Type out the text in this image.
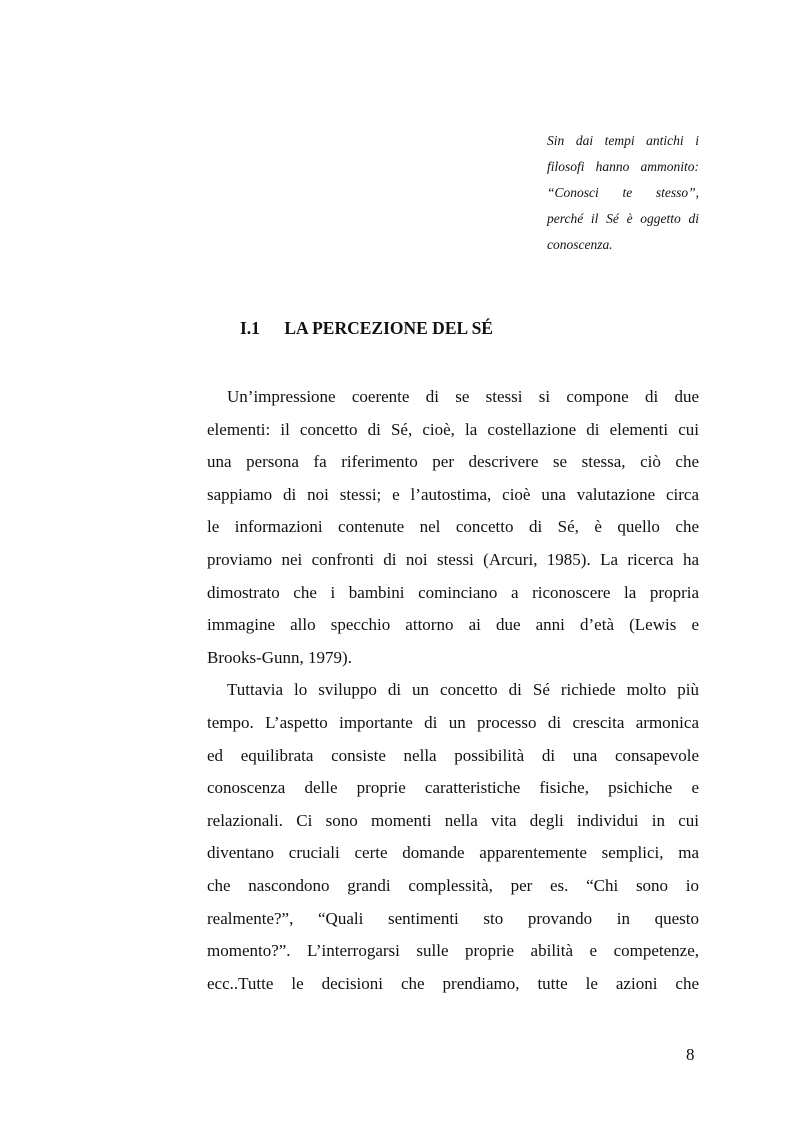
Sin dai tempi antichi i
filosofi hanno ammonito:
“Conosci te stesso”,
perché il Sé è oggetto di
conoscenza.
I.1 LA PERCEZIONE DEL SÉ
Un’impressione coerente di se stessi si compone di due
elementi: il concetto di Sé, cioè, la costellazione di elementi cui
una persona fa riferimento per descrivere se stessa, ciò che
sappiamo di noi stessi; e l’autostima, cioè una valutazione circa
le informazioni contenute nel concetto di Sé, è quello che
proviamo nei confronti di noi stessi (Arcuri, 1985). La ricerca ha
dimostrato che i bambini cominciano a riconoscere la propria
immagine allo specchio attorno ai due anni d’età (Lewis e
Brooks-Gunn, 1979).
Tuttavia lo sviluppo di un concetto di Sé richiede molto più
tempo. L’aspetto importante di un processo di crescita armonica
ed equilibrata consiste nella possibilità di una consapevole
conoscenza delle proprie caratteristiche fisiche, psichiche e
relazionali. Ci sono momenti nella vita degli individui in cui
diventano cruciali certe domande apparentemente semplici, ma
che nascondono grandi complessità, per es. “Chi sono io
realmente?”, “Quali sentimenti sto provando in questo
momento?”. L’interrogarsi sulle proprie abilità e competenze,
ecc..Tutte le decisioni che prendiamo, tutte le azioni che
8
